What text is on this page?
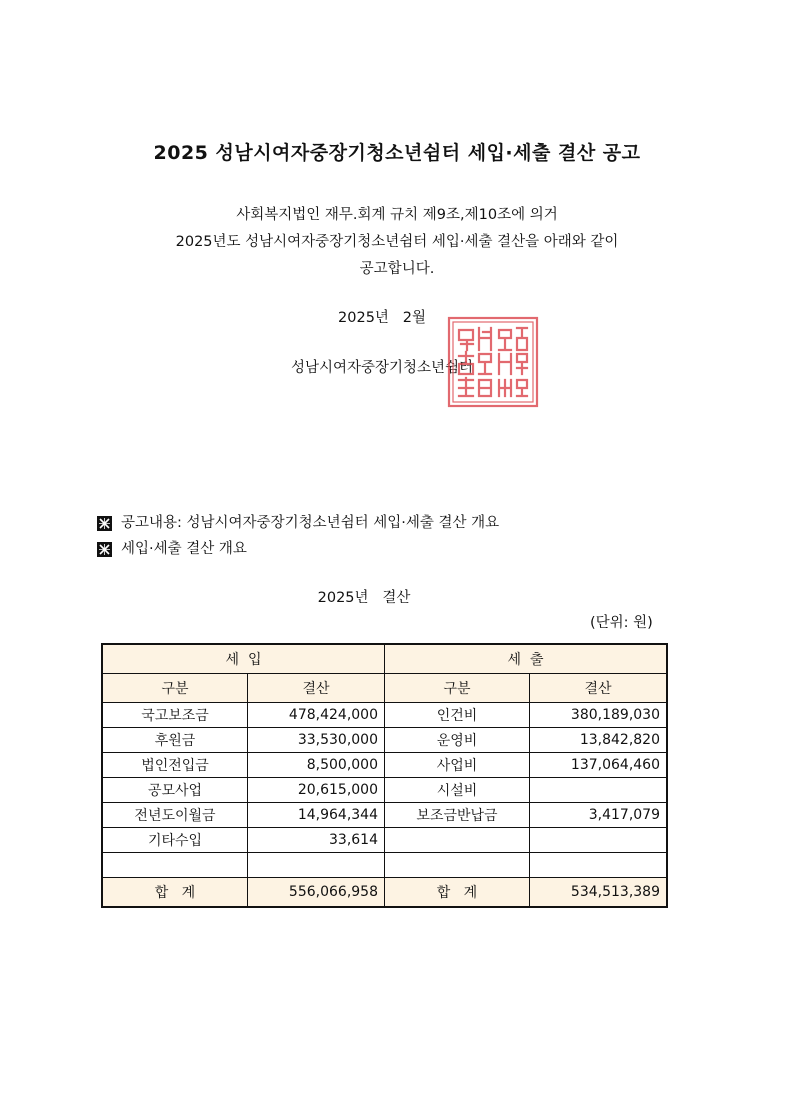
2025 성남시여자중장기청소년쉼터 세입·세출 결산 공고
사회복지법인 재무.회계 규치 제9조,제10조에 의거
2025년도 성남시여자중장기청소년쉼터 세입·세출 결산을 아래와 같이
공고합니다.
2025년   2월
성남시여자중장기청소년쉼터
공고내용: 성남시여자중장기청소년쉼터 세입·세출 결산 개요
세입·세출 결산 개요
2025년   결산
(단위: 원)
세  입		세  출	
구분	결산	구분	결산
국고보조금	478,424,000	인건비	380,189,030
후원금	33,530,000	운영비	13,842,820
법인전입금	8,500,000	사업비	137,064,460
공모사업	20,615,000	시설비	
전년도이월금	14,964,344	보조금반납금	3,417,079
기타수입	33,614		

합   계	556,066,958	합   계	534,513,389
